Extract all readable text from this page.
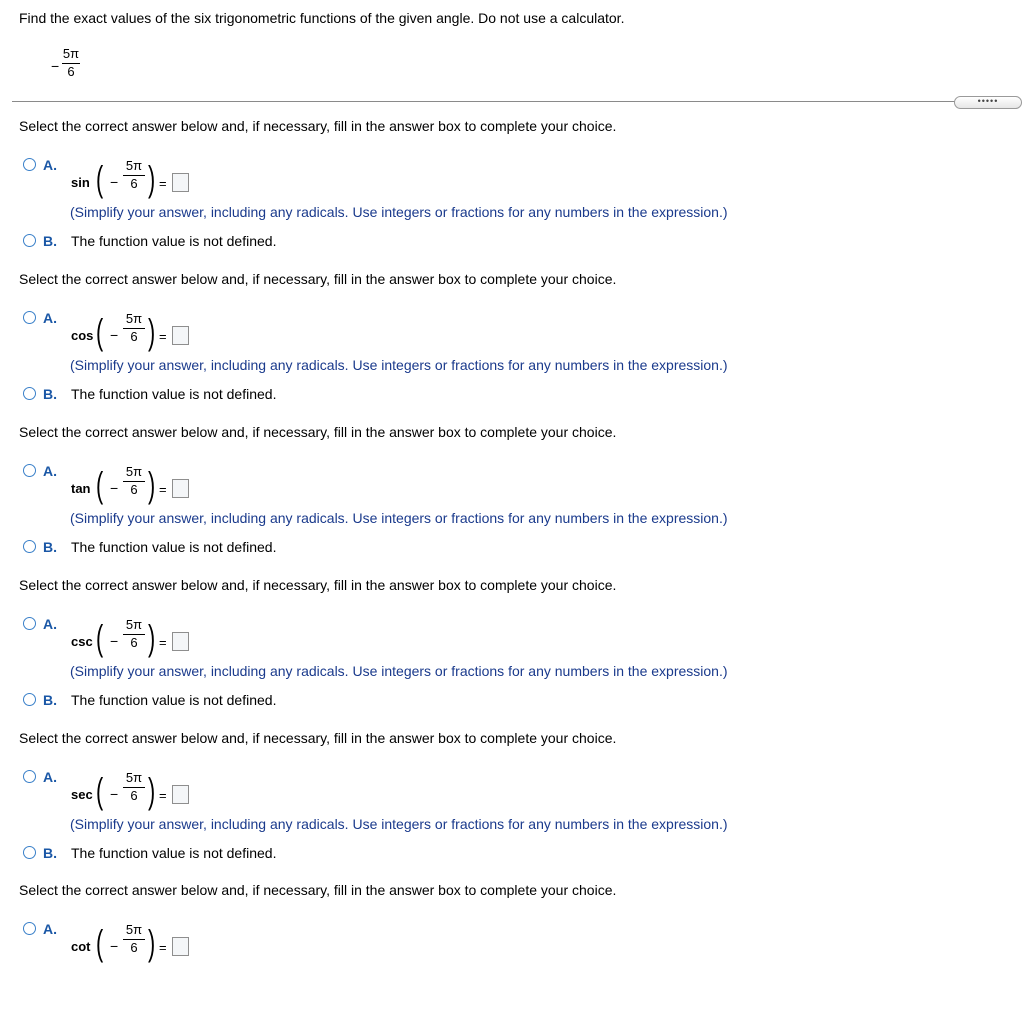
Find the exact values of the six trigonometric functions of the given angle. Do not use a calculator.
−
5π
6
•••••
Select the correct answer below and, if necessary, fill in the answer box to complete your choice.
A.
sin ( −
5π
6 ) =
(Simplify your answer, including any radicals. Use integers or fractions for any numbers in the expression.)
B. The function value is not defined.
Select the correct answer below and, if necessary, fill in the answer box to complete your choice.
A.
cos ( −
5π
6 ) =
(Simplify your answer, including any radicals. Use integers or fractions for any numbers in the expression.)
B. The function value is not defined.
Select the correct answer below and, if necessary, fill in the answer box to complete your choice.
A.
tan ( −
5π
6 ) =
(Simplify your answer, including any radicals. Use integers or fractions for any numbers in the expression.)
B. The function value is not defined.
Select the correct answer below and, if necessary, fill in the answer box to complete your choice.
A.
csc ( −
5π
6 ) =
(Simplify your answer, including any radicals. Use integers or fractions for any numbers in the expression.)
B. The function value is not defined.
Select the correct answer below and, if necessary, fill in the answer box to complete your choice.
A.
sec ( −
5π
6 ) =
(Simplify your answer, including any radicals. Use integers or fractions for any numbers in the expression.)
B. The function value is not defined.
Select the correct answer below and, if necessary, fill in the answer box to complete your choice.
A.
cot ( −
5π
6 ) =
